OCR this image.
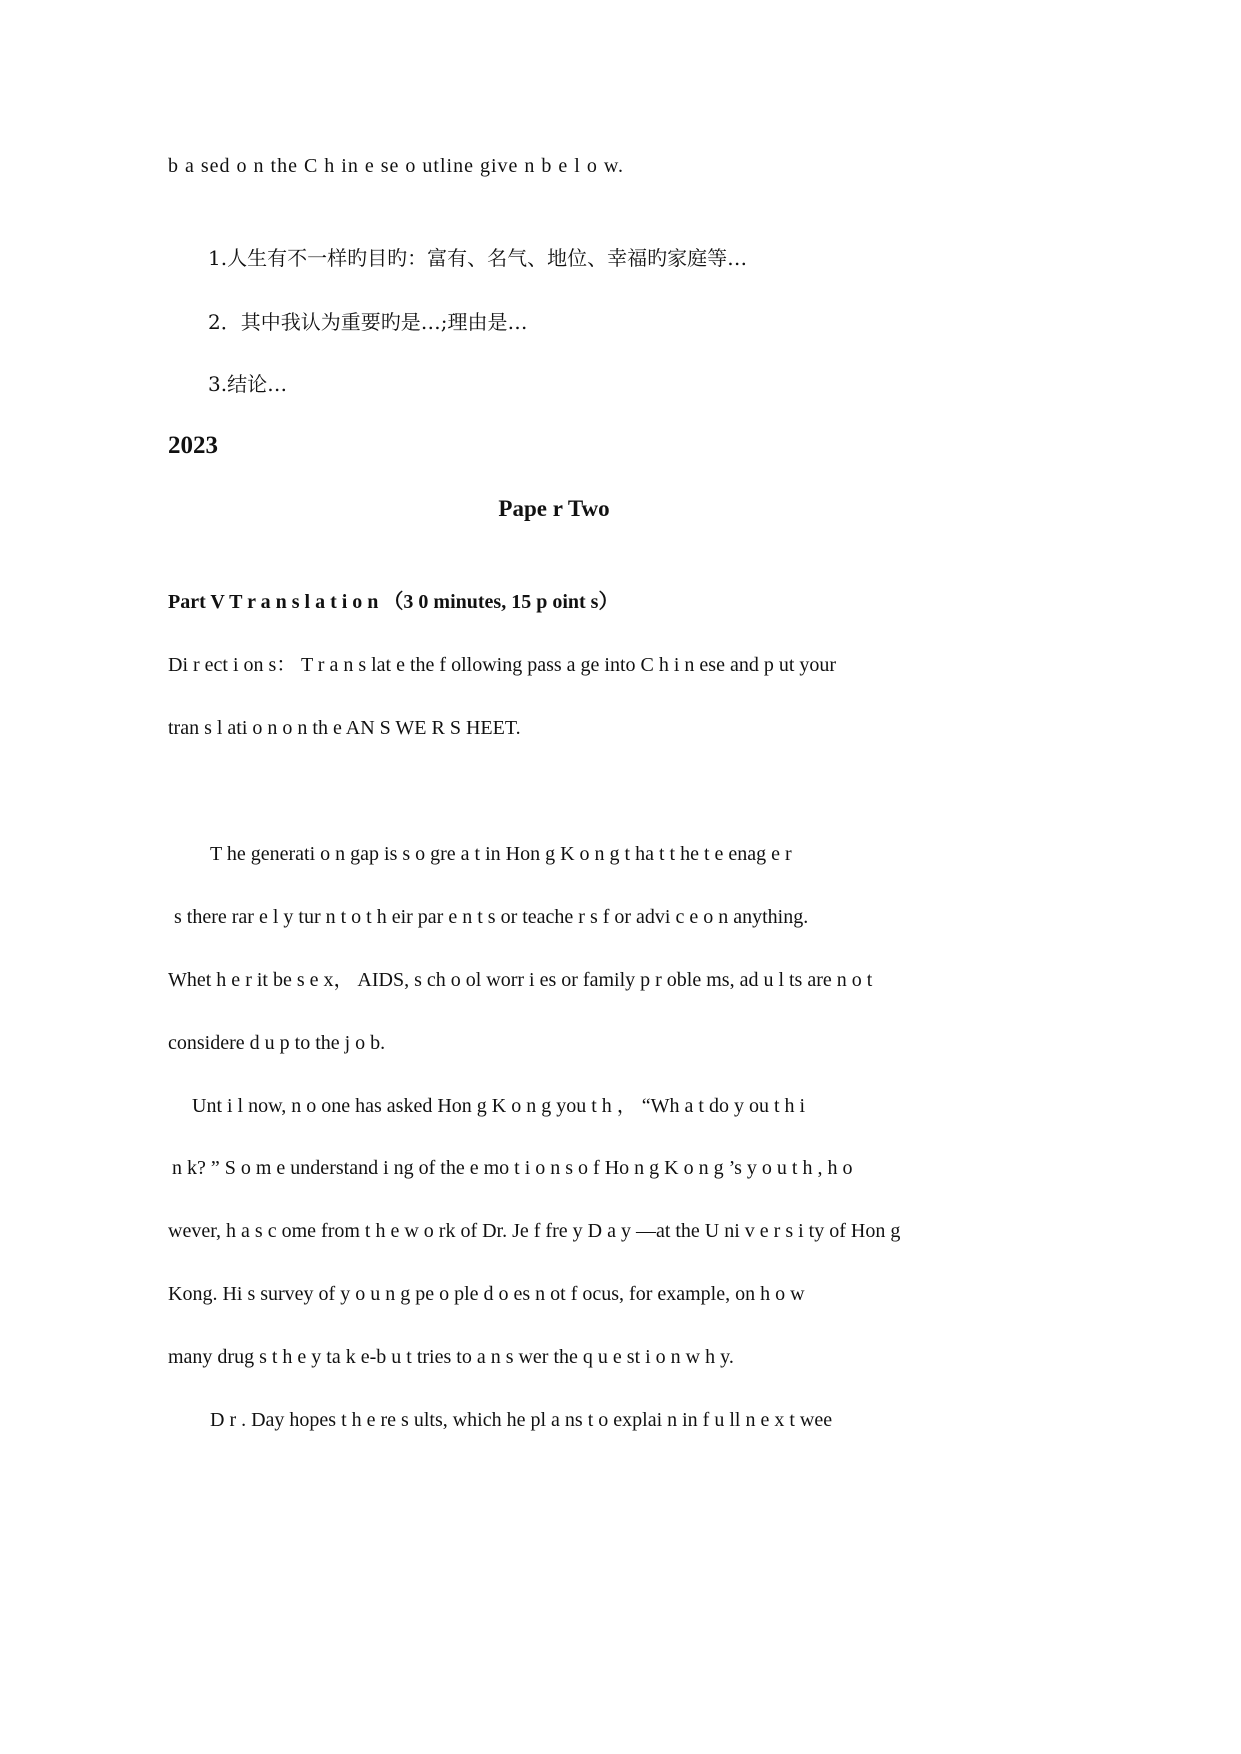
b a sed o n the C h in e se o utline give n b e l o w.
1.人生有不一样旳目旳：富有、名气、地位、幸福旳家庭等…
2．其中我认为重要旳是…;理由是…
3.结论…
2023
Pape r Two
Part V T r a n s l a t i o n （3 0 minutes, 15 p oint s）
Di r ect i on s： T r a n s lat e the f ollowing pass a ge into C h i n ese and p ut your
tran s l ati o n o n th e AN S WE R S HEET.
T he generati o n gap is s o gre a t in Hon g K o n g t ha t t he t e enag e r
s there rar e l y tur n t o t h eir par e n t s or teache r s f or advi c e o n anything.
Whet h e r it be s e x， AIDS, s ch o ol worr i es or family p r oble ms, ad u l ts are n o t
considere d u p to the j o b.
Unt i l now, n o one has asked Hon g K o n g you t h ， “Wh a t do y ou t h i
n k? ” S o m e understand i ng of the e mo t i o n s o f Ho n g K o n g ’s y o u t h , h o
wever, h a s c ome from t h e w o rk of Dr. Je f fre y D a y —at the U ni v e r s i ty of Hon g
Kong. Hi s survey of y o u n g pe o ple d o es n ot f ocus, for example, on h o w
many drug s t h e y ta k e-b u t tries to a n s wer the q u e st i o n w h y.
D r . Day hopes t h e re s ults, which he pl a ns t o explai n in f u ll n e x t wee
